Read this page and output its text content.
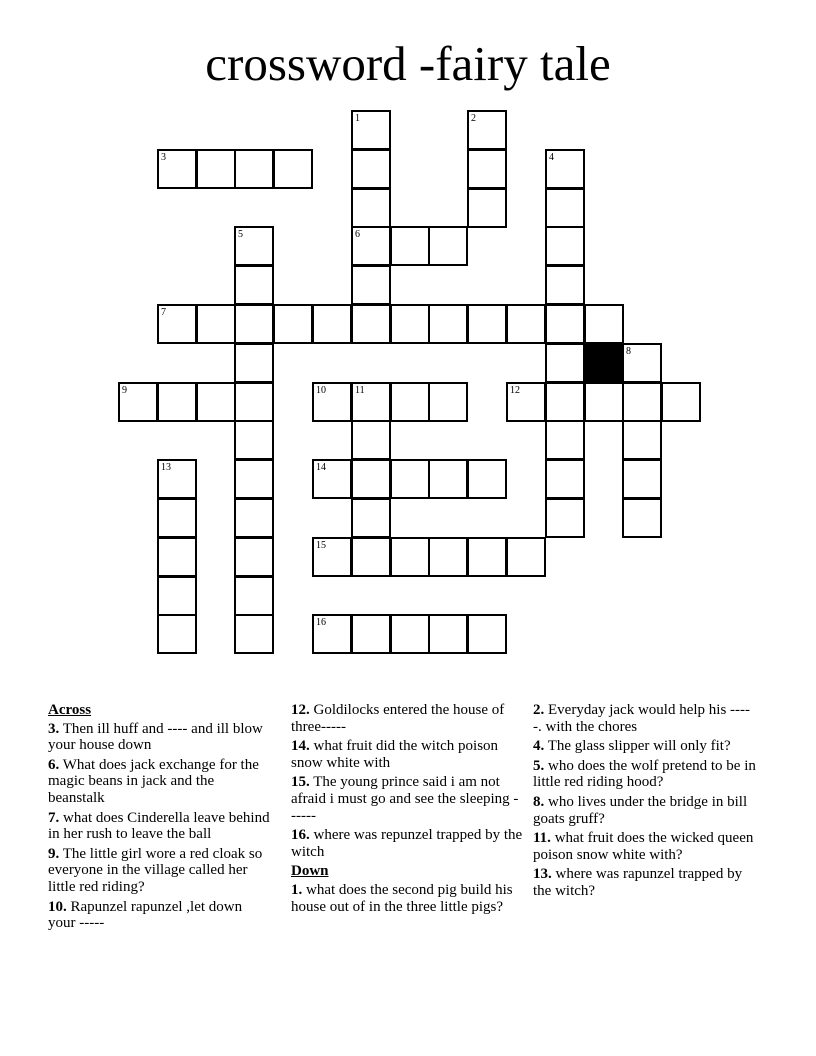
crossword -fairy tale
1	2
3	4
5	6
7
8
9	10	11	12
13	14
15
16
Across
3. Then ill huff and ---- and ill blow your house down
6. What does jack exchange for the magic beans in jack and the beanstalk
7. what does Cinderella leave behind in her rush to leave the ball
9. The little girl wore a red cloak so everyone in the village called her little red riding?
10. Rapunzel rapunzel ,let down your -----
12. Goldilocks entered the house of three-----
14. what fruit did the witch poison snow white with
15. The young prince said i am not afraid i must go and see the sleeping ------
16. where was repunzel trapped by the witch
Down
1. what does the second pig build his house out of in the three little pigs?
2. Everyday jack would help his -----. with the chores
4. The glass slipper will only fit?
5. who does the wolf pretend to be in little red riding hood?
8. who lives under the bridge in bill goats gruff?
11. what fruit does the wicked queen poison snow white with?
13. where was rapunzel trapped by the witch?
